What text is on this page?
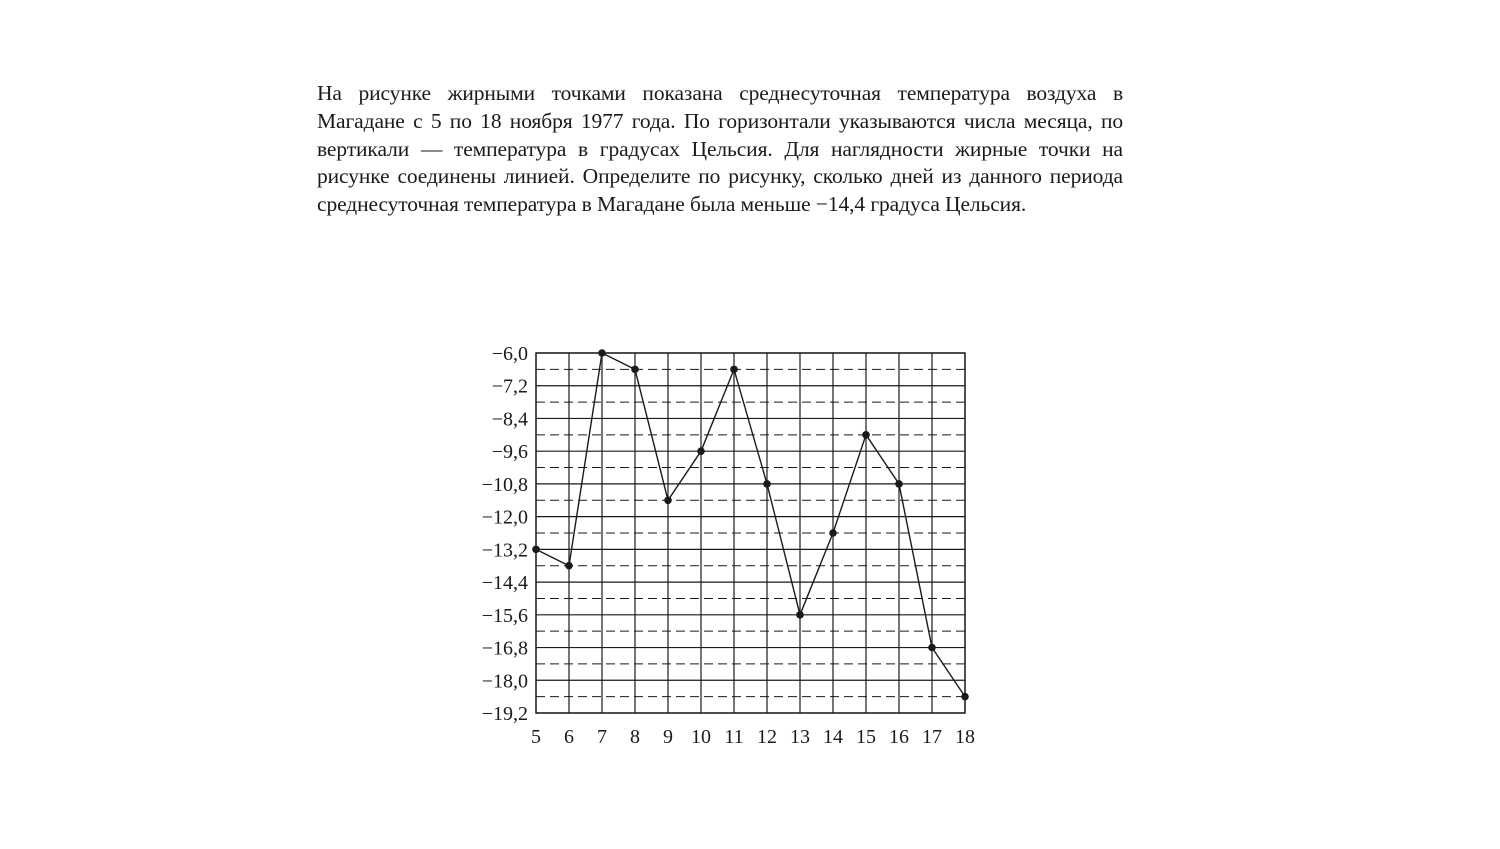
На рисунке жирными точками показана среднесуточная температура воздуха в Магадане с 5 по 18 ноября 1977 года. По горизонтали указываются числа месяца, по вертикали — температура в градусах Цельсия. Для наглядности жирные точки на рисунке соединены линией. Определите по рисунку, сколько дней из данного периода среднесуточная температура в Магадане была меньше −14,4 градуса Цельсия.

−6,0
−7,2
−8,4
−9,6
−10,8
−12,0
−13,2
−14,4
−15,6
−16,8
−18,0
−19,2
5 6 7 8 9 10 11 12 13 14 15 16 17 18
